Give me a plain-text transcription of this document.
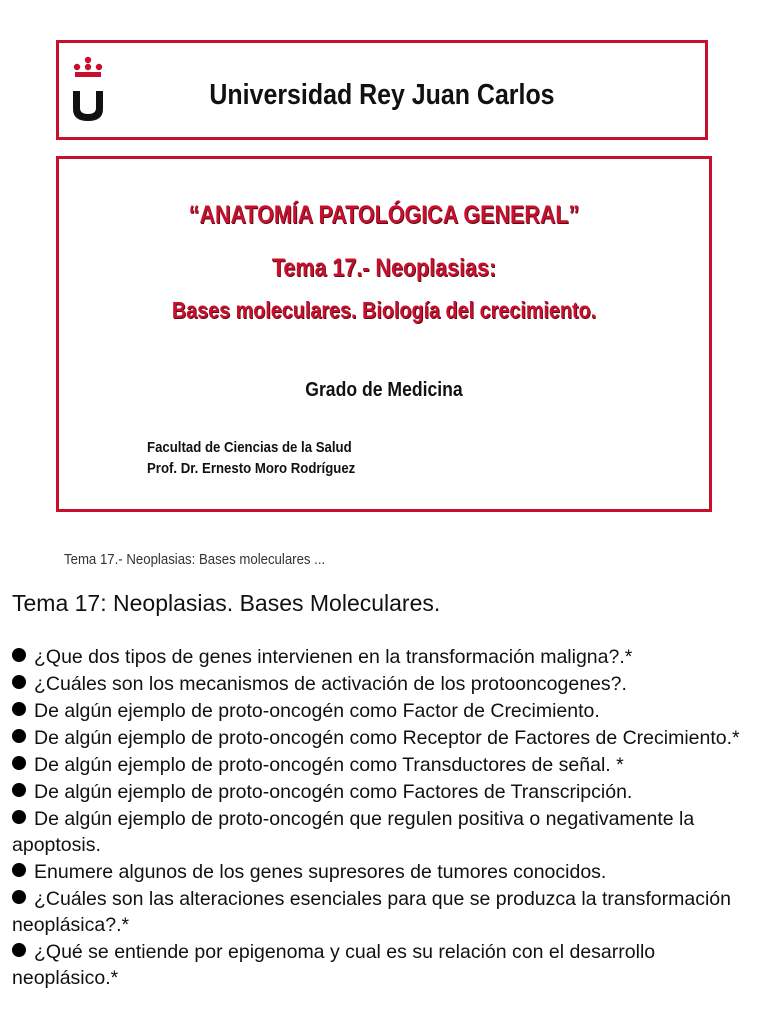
Universidad Rey Juan Carlos
“ANATOMÍA PATOLÓGICA GENERAL”
Tema 17.- Neoplasias:
Bases moleculares. Biología del crecimiento.
Grado de Medicina
Facultad de Ciencias de la Salud
Prof. Dr. Ernesto Moro Rodríguez
Tema 17.- Neoplasias: Bases moleculares ...
Tema 17: Neoplasias. Bases Moleculares.
¿Que dos tipos de genes intervienen en la transformación maligna?.*
¿Cuáles son los mecanismos de activación de los protooncogenes?.
De algún ejemplo de proto-oncogén como Factor de Crecimiento.
De algún ejemplo de proto-oncogén como Receptor de Factores de Crecimiento.*
De algún ejemplo de proto-oncogén como Transductores de señal. *
De algún ejemplo de proto-oncogén como Factores de Transcripción.
De algún ejemplo de proto-oncogén que regulen positiva o negativamente la apoptosis.
Enumere algunos de los genes supresores de tumores conocidos.
¿Cuáles son las alteraciones esenciales para que se produzca la transformación neoplásica?.*
¿Qué se entiende por epigenoma y cual es su relación con el desarrollo neoplásico.*
